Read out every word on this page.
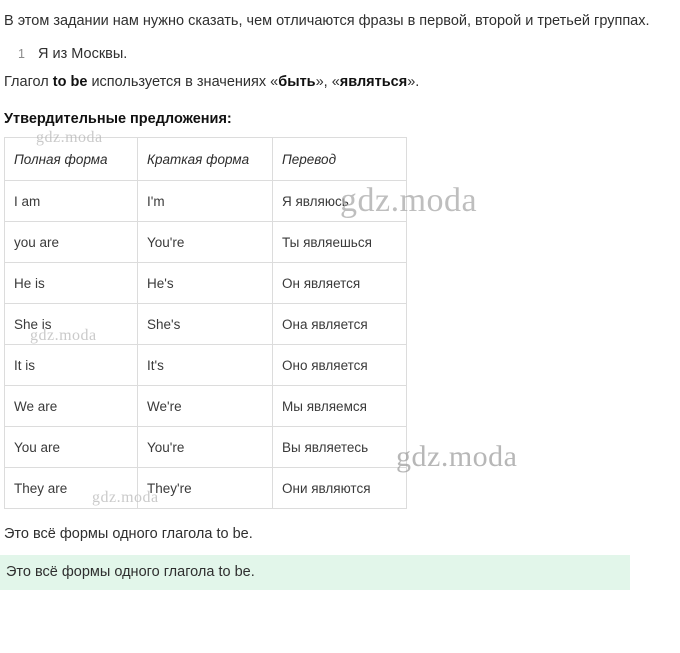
В этом задании нам нужно сказать, чем отличаются фразы в первой, второй и третьей группах.
1 Я из Москвы.
Глагол to be используется в значениях «быть», «являться».
Утвердительные предложения:
Полная форма	Краткая форма	Перевод
I am	I'm	Я являюсь
you are	You're	Ты являешься
He is	He's	Он является
She is	She's	Она является
It is	It's	Оно является
We are	We're	Мы являемся
You are	You're	Вы являетесь
They are	They're	Они являются
Это всё формы одного глагола to be.
Это всё формы одного глагола to be.
gdz.moda
gdz.moda
gdz.moda
gdz.moda
gdz.moda
